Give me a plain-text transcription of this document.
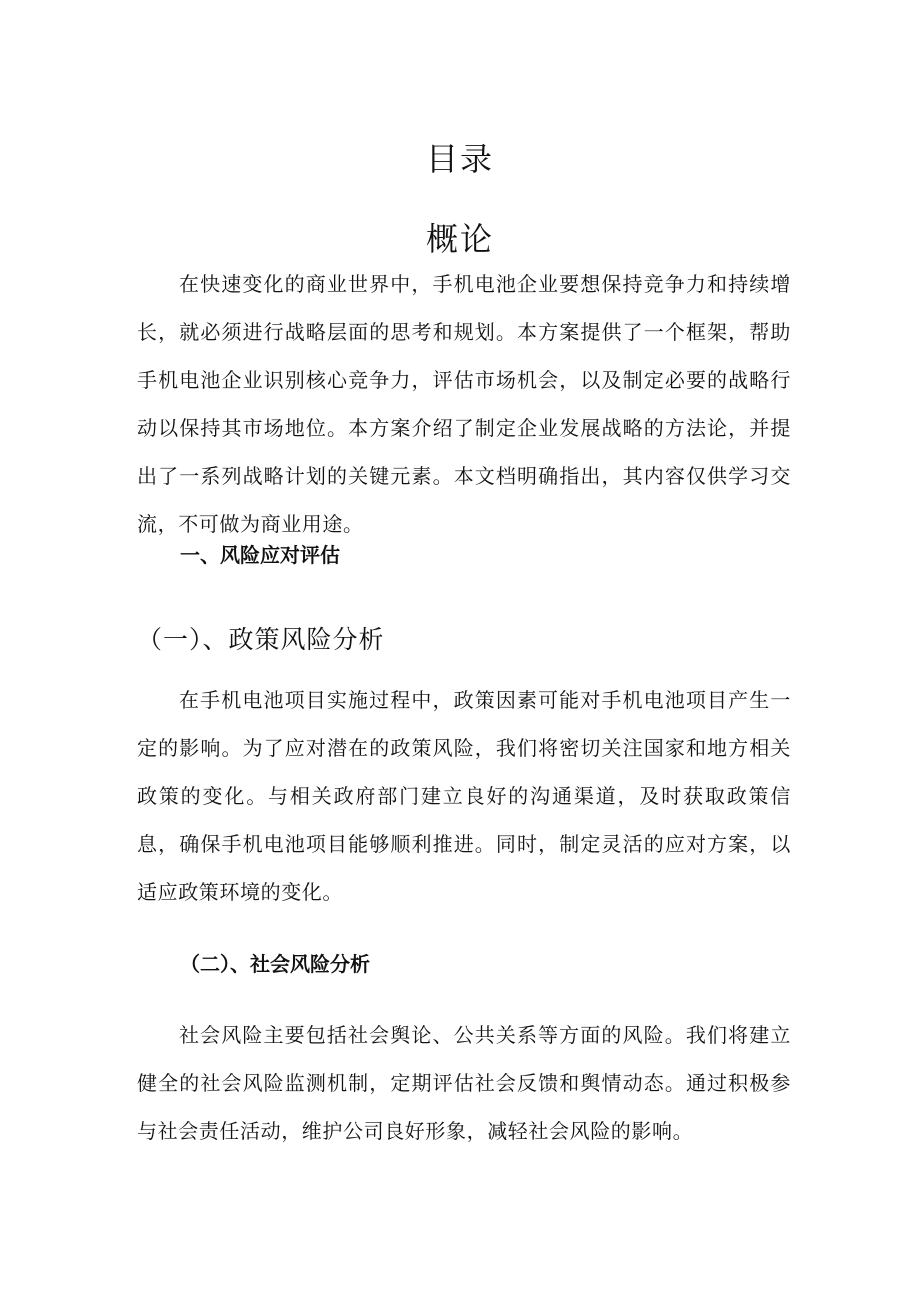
目录
概论

在快速变化的商业世界中，手机电池企业要想保持竞争力和持续增长，就必须进行战略层面的思考和规划。本方案提供了一个框架，帮助手机电池企业识别核心竞争力，评估市场机会，以及制定必要的战略行动以保持其市场地位。本方案介绍了制定企业发展战略的方法论，并提出了一系列战略计划的关键元素。本文档明确指出，其内容仅供学习交流，不可做为商业用途。

一、风险应对评估
（一）、政策风险分析

在手机电池项目实施过程中，政策因素可能对手机电池项目产生一定的影响。为了应对潜在的政策风险，我们将密切关注国家和地方相关政策的变化。与相关政府部门建立良好的沟通渠道，及时获取政策信息，确保手机电池项目能够顺利推进。同时，制定灵活的应对方案，以适应政策环境的变化。

（二）、社会风险分析

社会风险主要包括社会舆论、公共关系等方面的风险。我们将建立健全的社会风险监测机制，定期评估社会反馈和舆情动态。通过积极参与社会责任活动，维护公司良好形象，减轻社会风险的影响。
